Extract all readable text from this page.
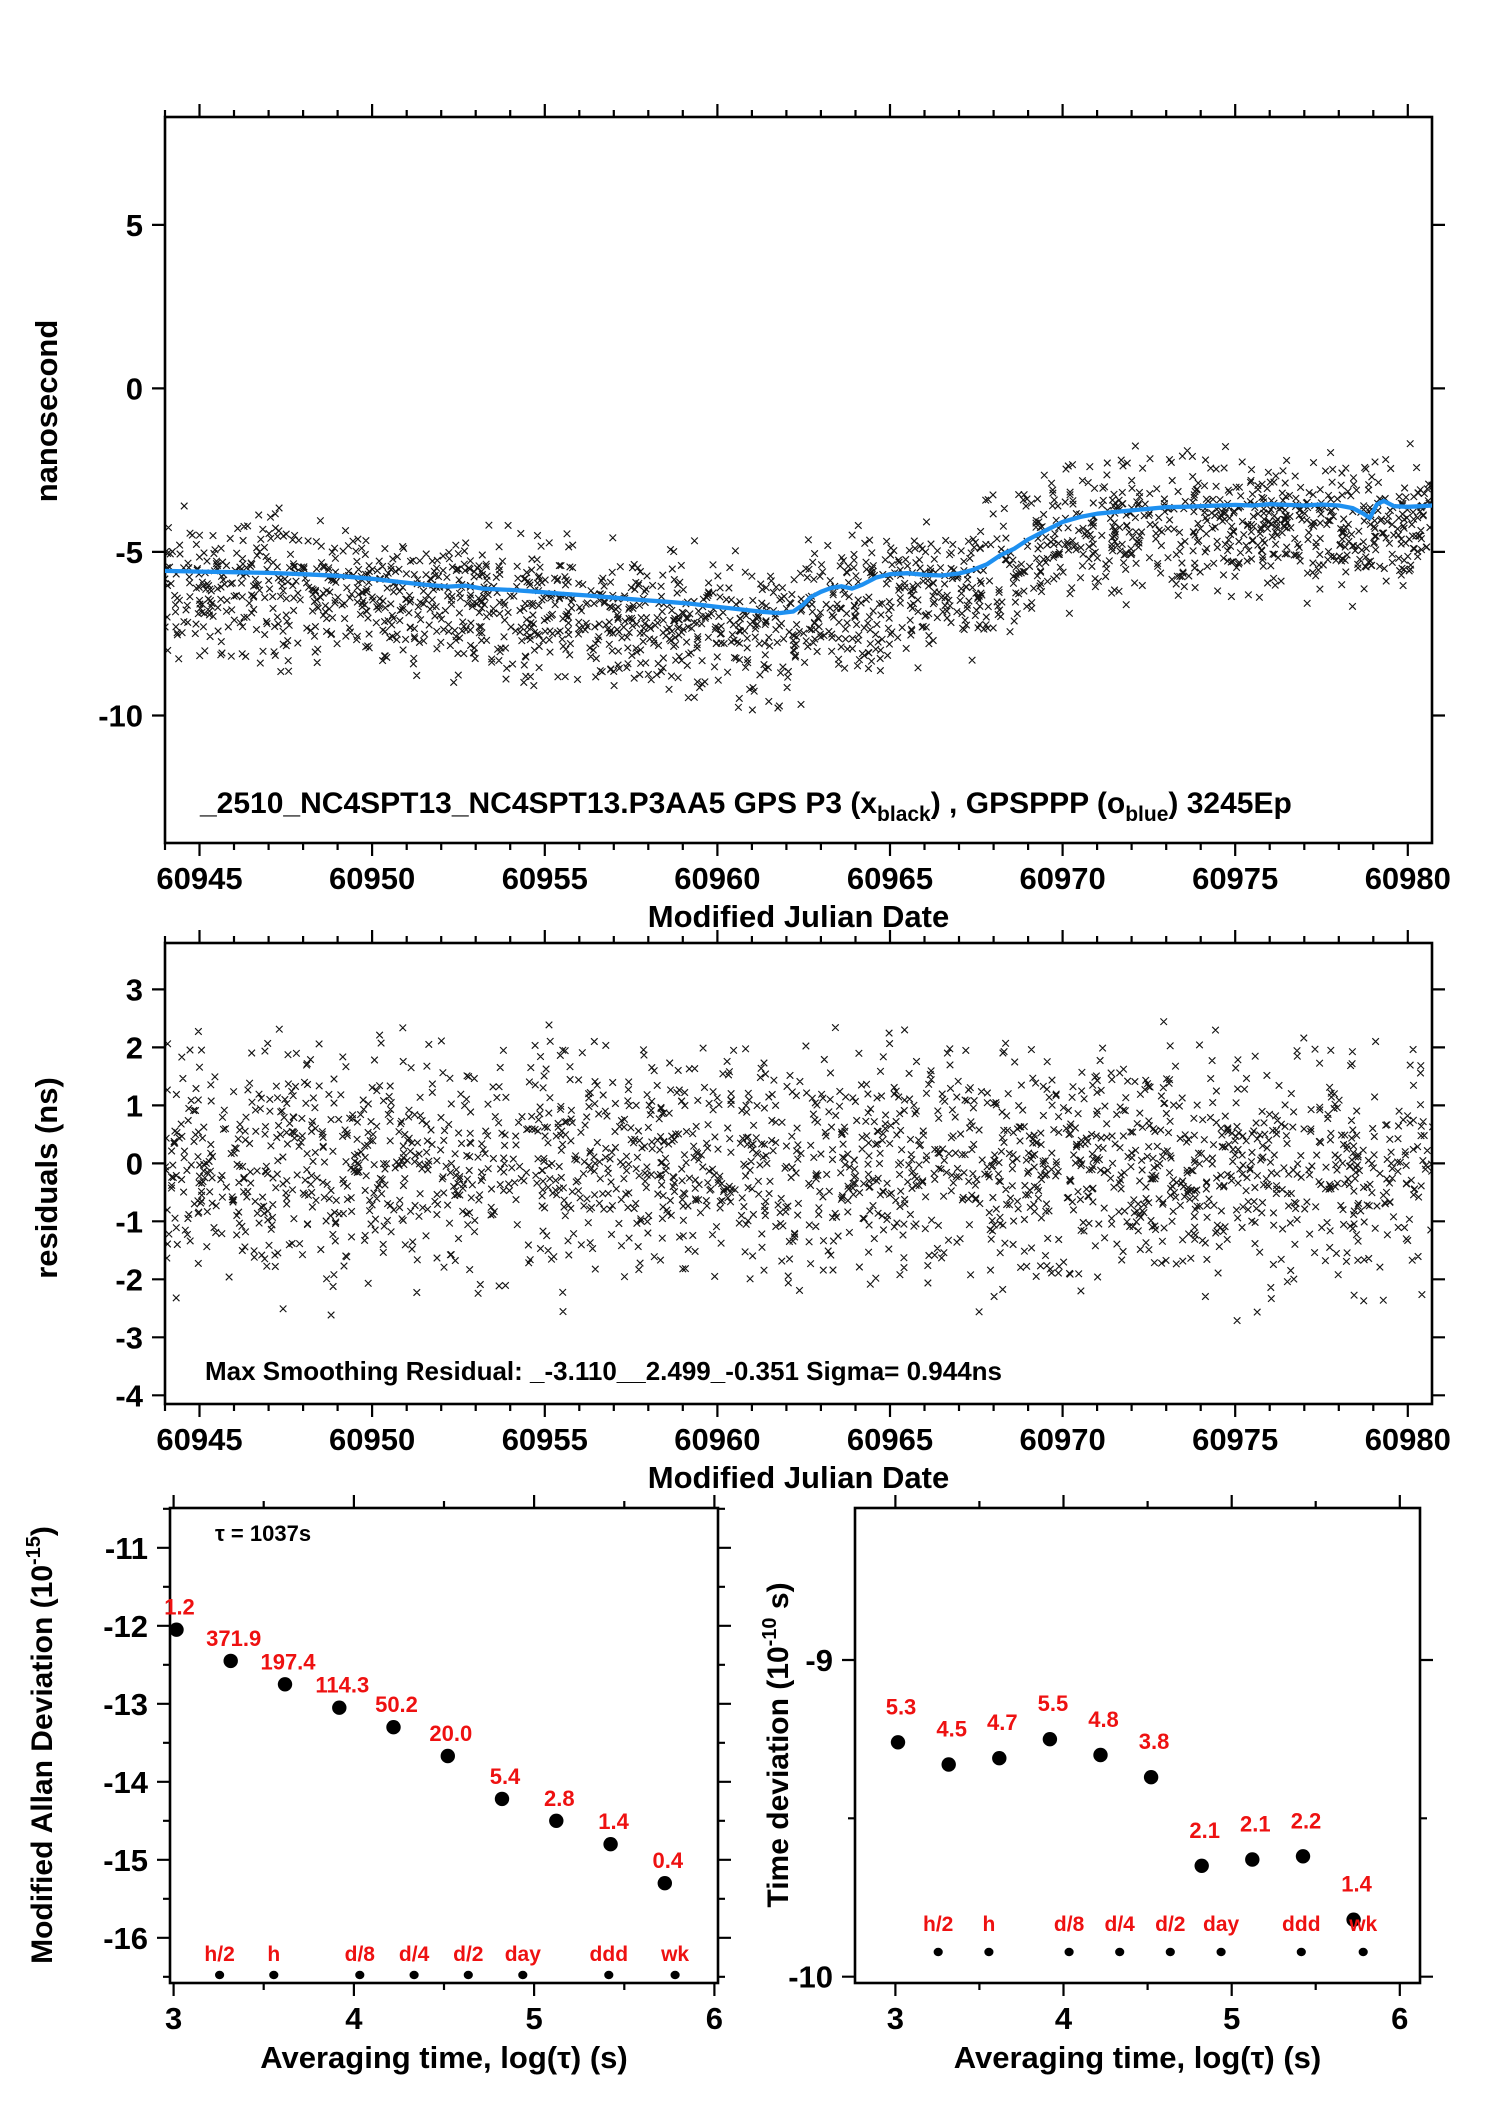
60945	60950	60955	60960	60965	60970	60975	60980
5
0
-5
-10
Modified Julian Date
nanosecond
_2510_NC4SPT13_NC4SPT13.P3AA5 GPS P3 $(x_{black})$ , GPSPPP $(o_{blue})$ 3245Ep
60945	60950	60955	60960	60965	60970	60975	60980
3
2
1
0
-1
-2
-3
-4
Modified Julian Date
residuals (ns)
Max Smoothing Residual: _-3.110__2.499_-0.351 Sigma= 0.944ns
3	4	5	6
-11
-12
-13
-14
-15
-16
Averaging time, log(τ) (s)
Modified Allan Deviation $(10^{-15})$	τ = 1037s
1.2
371.9
197.4
114.3
50.2
20.0
5.4
2.8
1.4
0.4
h/2 h	d/8 d/4 d/2 day ddd wk
3	4	5	6
-9
-10
Averaging time, log(τ) (s)
Time deviation ($10^{-10}$ s)
5.3
4.5 4.7
5.5
4.8
3.8
2.1 2.1 2.2
1.4
h/2 h	d/8 d/4 d/2 day ddd wk
